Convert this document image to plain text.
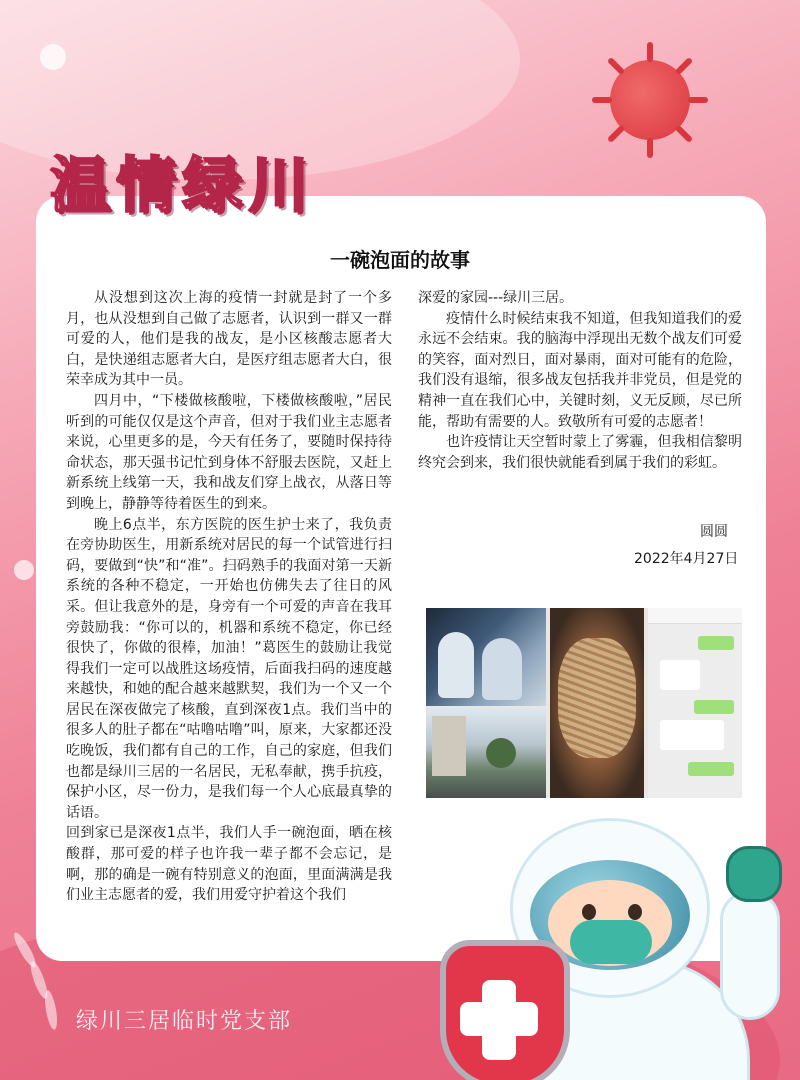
温情绿川
一碗泡面的故事

从没想到这次上海的疫情一封就是封了一个多月，也从没想到自己做了志愿者，认识到一群又一群可爱的人，他们是我的战友，是小区核酸志愿者大白，是快递组志愿者大白，是医疗组志愿者大白，很荣幸成为其中一员。

四月中，“下楼做核酸啦，下楼做核酸啦，”居民听到的可能仅仅是这个声音，但对于我们业主志愿者来说，心里更多的是，今天有任务了，要随时保持待命状态，那天强书记忙到身体不舒服去医院，又赶上新系统上线第一天，我和战友们穿上战衣，从落日等到晚上，静静等待着医生的到来。

晚上6点半，东方医院的医生护士来了，我负责在旁协助医生，用新系统对居民的每一个试管进行扫码，要做到“快”和“准”。扫码熟手的我面对第一天新系统的各种不稳定，一开始也仿佛失去了往日的风采。但让我意外的是，身旁有一个可爱的声音在我耳旁鼓励我：“你可以的，机器和系统不稳定，你已经很快了，你做的很棒，加油！”葛医生的鼓励让我觉得我们一定可以战胜这场疫情，后面我扫码的速度越来越快，和她的配合越来越默契，我们为一个又一个居民在深夜做完了核酸，直到深夜1点。我们当中的很多人的肚子都在“咕噜咕噜”叫，原来，大家都还没吃晚饭，我们都有自己的工作，自己的家庭，但我们也都是绿川三居的一名居民，无私奉献，携手抗疫，保护小区，尽一份力，是我们每一个人心底最真挚的话语。

回到家已是深夜1点半，我们人手一碗泡面，晒在核酸群，那可爱的样子也许我一辈子都不会忘记，是啊，那的确是一碗有特别意义的泡面，里面满满是我们业主志愿者的爱，我们用爱守护着这个我们

深爱的家园---绿川三居。

疫情什么时候结束我不知道，但我知道我们的爱永远不会结束。我的脑海中浮现出无数个战友们可爱的笑容，面对烈日，面对暴雨，面对可能有的危险，我们没有退缩，很多战友包括我并非党员，但是党的精神一直在我们心中，关键时刻，义无反顾，尽已所能，帮助有需要的人。致敬所有可爱的志愿者！

也许疫情让天空暂时蒙上了雾霾，但我相信黎明终究会到来，我们很快就能看到属于我们的彩虹。

圆圆
2022年4月27日
绿川三居临时党支部
